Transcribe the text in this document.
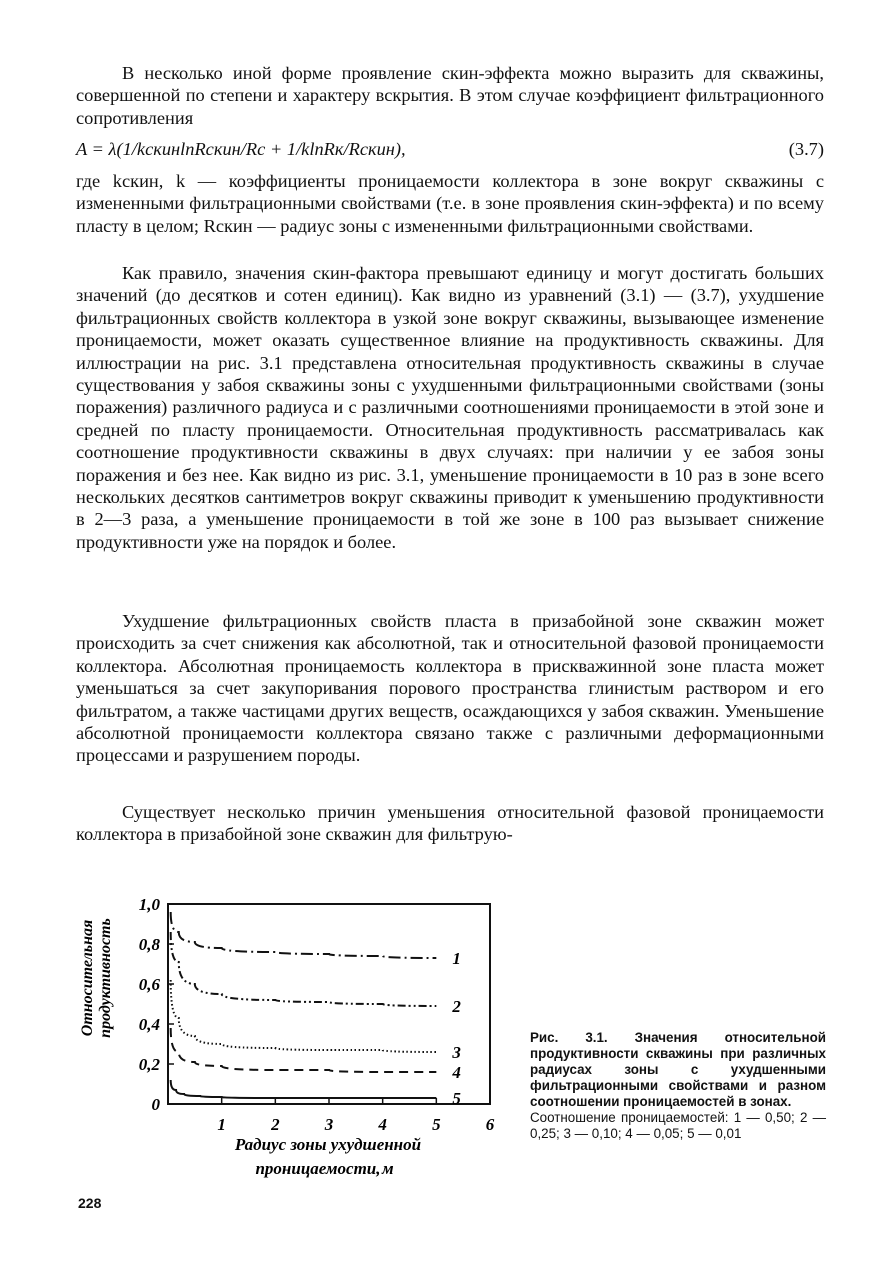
В несколько иной форме проявление скин-эффекта можно выразить для скважины, совершенной по степени и характеру вскрытия. В этом случае коэффициент фильтрационного сопротивления

A = λ(1/kскинlnRскин/Rс + 1/klnRк/Rскин),	(3.7)

где kскин, k — коэффициенты проницаемости коллектора в зоне вокруг скважины с измененными фильтрационными свойствами (т.е. в зоне проявления скин-эффекта) и по всему пласту в целом; Rскин — радиус зоны с измененными фильтрационными свойствами.

Как правило, значения скин-фактора превышают единицу и могут достигать больших значений (до десятков и сотен единиц). Как видно из уравнений (3.1) — (3.7), ухудшение фильтрационных свойств коллектора в узкой зоне вокруг скважины, вызывающее изменение проницаемости, может оказать существенное влияние на продуктивность скважины. Для иллюстрации на рис. 3.1 представлена относительная продуктивность скважины в случае существования у забоя скважины зоны с ухудшенными фильтрационными свойствами (зоны поражения) различного радиуса и с различными соотношениями проницаемости в этой зоне и средней по пласту проницаемости. Относительная продуктивность рассматривалась как соотношение продуктивности скважины в двух случаях: при наличии у ее забоя зоны поражения и без нее. Как видно из рис. 3.1, уменьшение проницаемости в 10 раз в зоне всего нескольких десятков сантиметров вокруг скважины приводит к уменьшению продуктивности в 2—3 раза, а уменьшение проницаемости в той же зоне в 100 раз вызывает снижение продуктивности уже на порядок и более.

Ухудшение фильтрационных свойств пласта в призабойной зоне скважин может происходить за счет снижения как абсолютной, так и относительной фазовой проницаемости коллектора. Абсолютная проницаемость коллектора в прискважинной зоне пласта может уменьшаться за счет закупоривания порового пространства глинистым раствором и его фильтратом, а также частицами других веществ, осаждающихся у забоя скважин. Уменьшение абсолютной проницаемости коллектора связано также с различными деформационными процессами и разрушением породы.

Существует несколько причин уменьшения относительной фазовой проницаемости коллектора в призабойной зоне скважин для фильтрую-

Относительная продуктивность
0
0,2
0,4
0,6
0,8
1,0
1	2	3	4	5	6
1
2
3
4
5
Радиус зоны ухудшенной
проницаемости, м
Рис. 3.1. Значения относительной продуктивности скважины при различных радиусах зоны с ухудшенными фильтрационными свойствами и разном соотношении проницаемостей в зонах.
Соотношение проницаемостей: 1 — 0,50; 2 — 0,25; 3 — 0,10; 4 — 0,05; 5 — 0,01
228
